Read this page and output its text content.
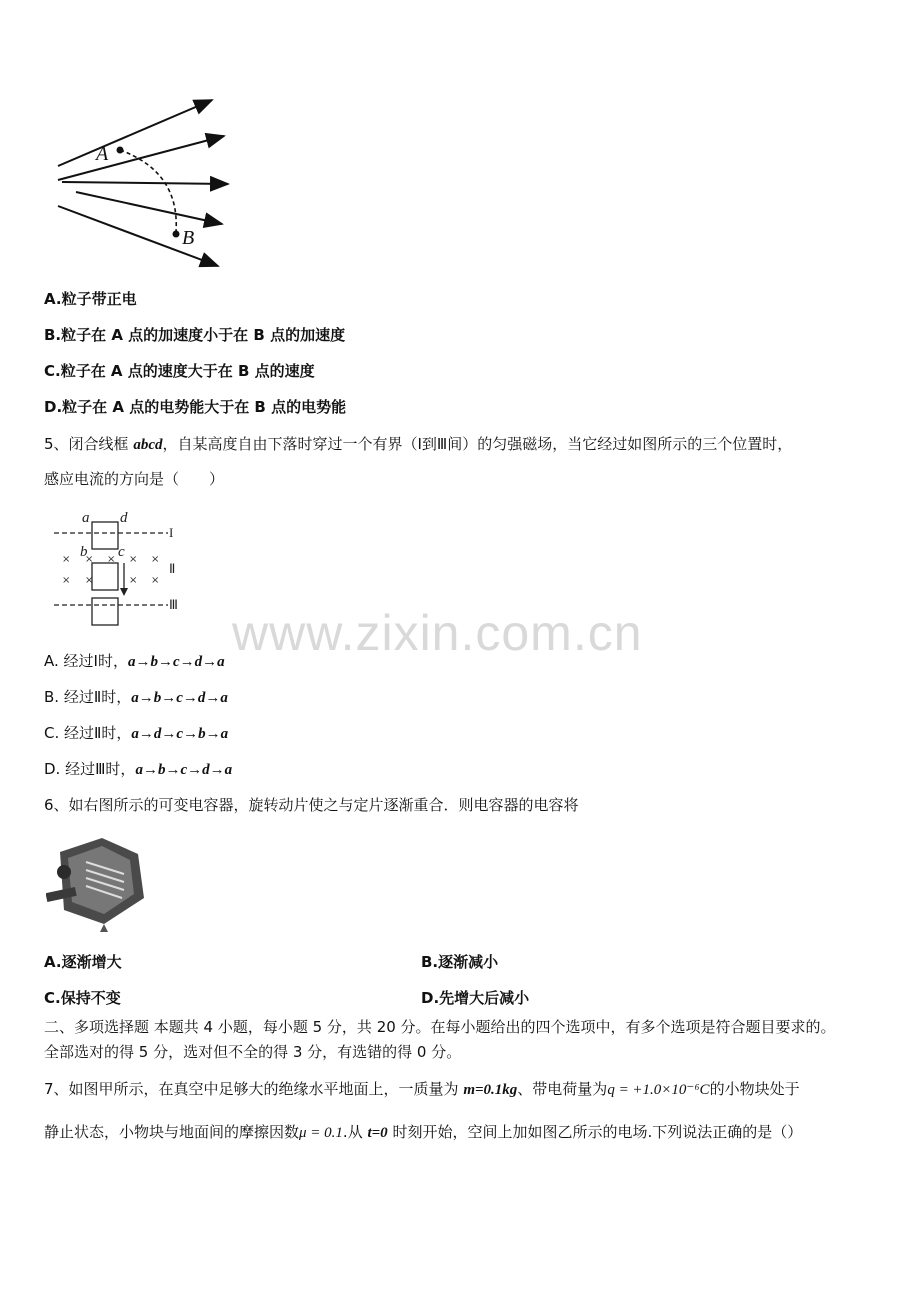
A
B
A.粒子带正电
B.粒子在 A 点的加速度小于在 B 点的加速度
C.粒子在 A 点的速度大于在 B 点的速度
D.粒子在 A 点的电势能大于在 B 点的电势能
5、闭合线框 abcd，自某高度自由下落时穿过一个有界（Ⅰ到Ⅲ间）的匀强磁场，当它经过如图所示的三个位置时，
感应电流的方向是（　　）
a d
b c
I
Ⅱ
Ⅲ
× × × × ×
× ×	× ×
www.zixin.com.cn
A. 经过Ⅰ时，a→b→c→d→a
B. 经过Ⅱ时，a→b→c→d→a
C. 经过Ⅱ时，a→d→c→b→a
D. 经过Ⅲ时，a→b→c→d→a
6、如右图所示的可变电容器，旋转动片使之与定片逐渐重合．则电容器的电容将
A.逐渐增大	B.逐渐减小
C.保持不变	D.先增大后减小
二、多项选择题 本题共 4 小题，每小题 5 分，共 20 分。在每小题给出的四个选项中，有多个选项是符合题目要求的。
全部选对的得 5 分，选对但不全的得 3 分，有选错的得 0 分。
7、如图甲所示，在真空中足够大的绝缘水平地面上，一质量为 m=0.1kg、带电荷量为q = +1.0×10⁻⁶C的小物块处于
静止状态，小物块与地面间的摩擦因数μ = 0.1.从 t=0 时刻开始，空间上加如图乙所示的电场.下列说法正确的是（）
